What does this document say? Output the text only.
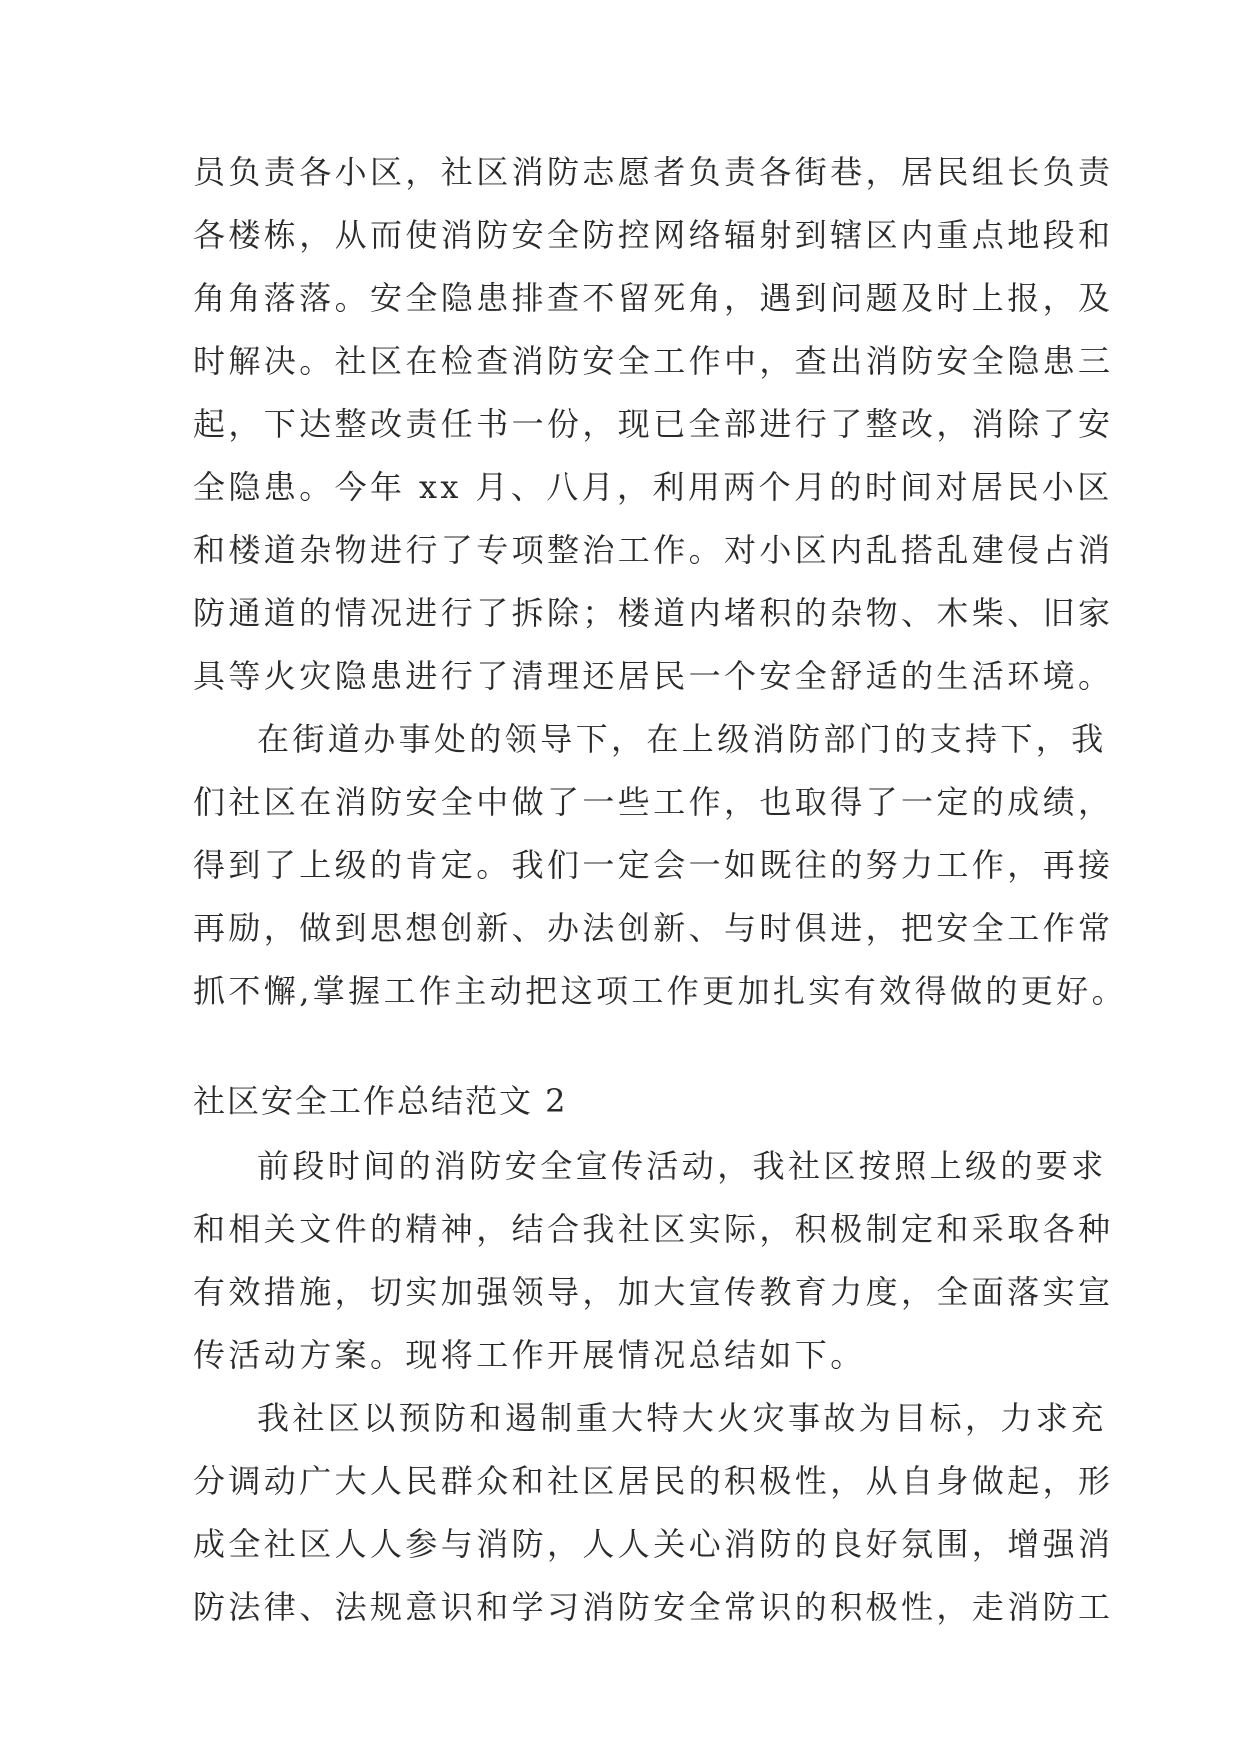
员负责各小区，社区消防志愿者负责各街巷，居民组长负责
各楼栋，从而使消防安全防控网络辐射到辖区内重点地段和
角角落落。安全隐患排查不留死角，遇到问题及时上报，及
时解决。社区在检查消防安全工作中，查出消防安全隐患三
起，下达整改责任书一份，现已全部进行了整改，消除了安
全隐患。今年 xx 月、八月，利用两个月的时间对居民小区
和楼道杂物进行了专项整治工作。对小区内乱搭乱建侵占消
防通道的情况进行了拆除；楼道内堵积的杂物、木柴、旧家
具等火灾隐患进行了清理还居民一个安全舒适的生活环境。
在街道办事处的领导下，在上级消防部门的支持下，我
们社区在消防安全中做了一些工作，也取得了一定的成绩，
得到了上级的肯定。我们一定会一如既往的努力工作，再接
再励，做到思想创新、办法创新、与时俱进，把安全工作常
抓不懈,掌握工作主动把这项工作更加扎实有效得做的更好。
社区安全工作总结范文 2
前段时间的消防安全宣传活动，我社区按照上级的要求
和相关文件的精神，结合我社区实际，积极制定和采取各种
有效措施，切实加强领导，加大宣传教育力度，全面落实宣
传活动方案。现将工作开展情况总结如下。
我社区以预防和遏制重大特大火灾事故为目标，力求充
分调动广大人民群众和社区居民的积极性，从自身做起，形
成全社区人人参与消防，人人关心消防的良好氛围，增强消
防法律、法规意识和学习消防安全常识的积极性，走消防工
